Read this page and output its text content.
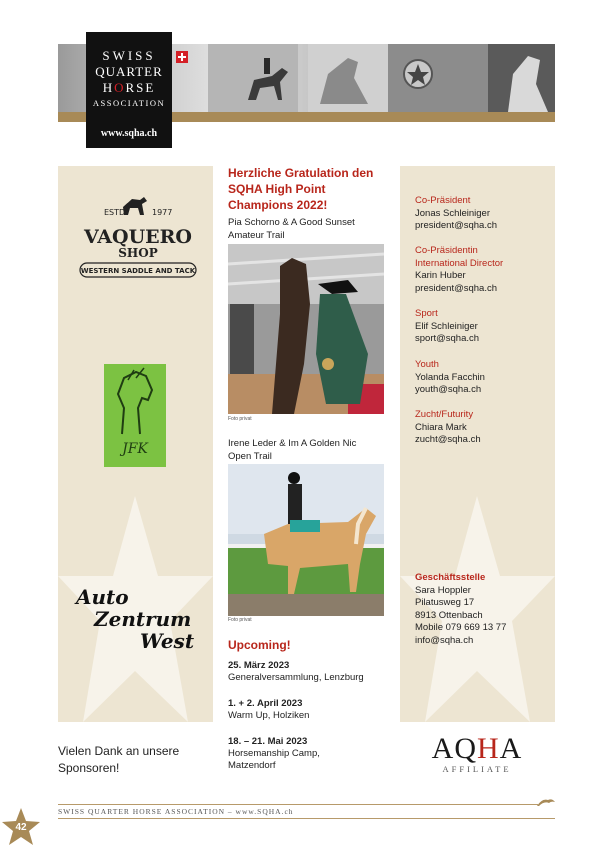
SWISS
QUARTER
HORSE
ASSOCIATION
www.sqha.ch
ESTD	1977
VAQUERO
SHOP
WESTERN SADDLE AND TACK
JFK
Auto
Zentrum
West
Vielen Dank an unsere Sponsoren!
Herzliche Gratulation den SQHA High Point Champions 2022!
Pia Schorno & A Good Sunset
Amateur Trail
Foto privat
Irene Leder & Im A Golden Nic
Open Trail
Foto privat
Upcoming!
25. März 2023
Generalversammlung, Lenzburg
1. + 2. April 2023
Warm Up, Holziken
18. – 21. Mai 2023
Horsemanship Camp, Matzendorf
Co-Präsident
Jonas Schleiniger
president@sqha.ch
Co-Präsidentin International Director
Karin Huber
president@sqha.ch
Sport
Elif Schleiniger
sport@sqha.ch
Youth
Yolanda Facchin
youth@sqha.ch
Zucht/Futurity
Chiara Mark
zucht@sqha.ch
Geschäftsstelle
Sara Hoppler
Pilatusweg 17
8913 Ottenbach
Mobile 079 669 13 77
info@sqha.ch
AQHA
AFFILIATE
SWISS QUARTER HORSE ASSOCIATION – www.SQHA.ch
42
